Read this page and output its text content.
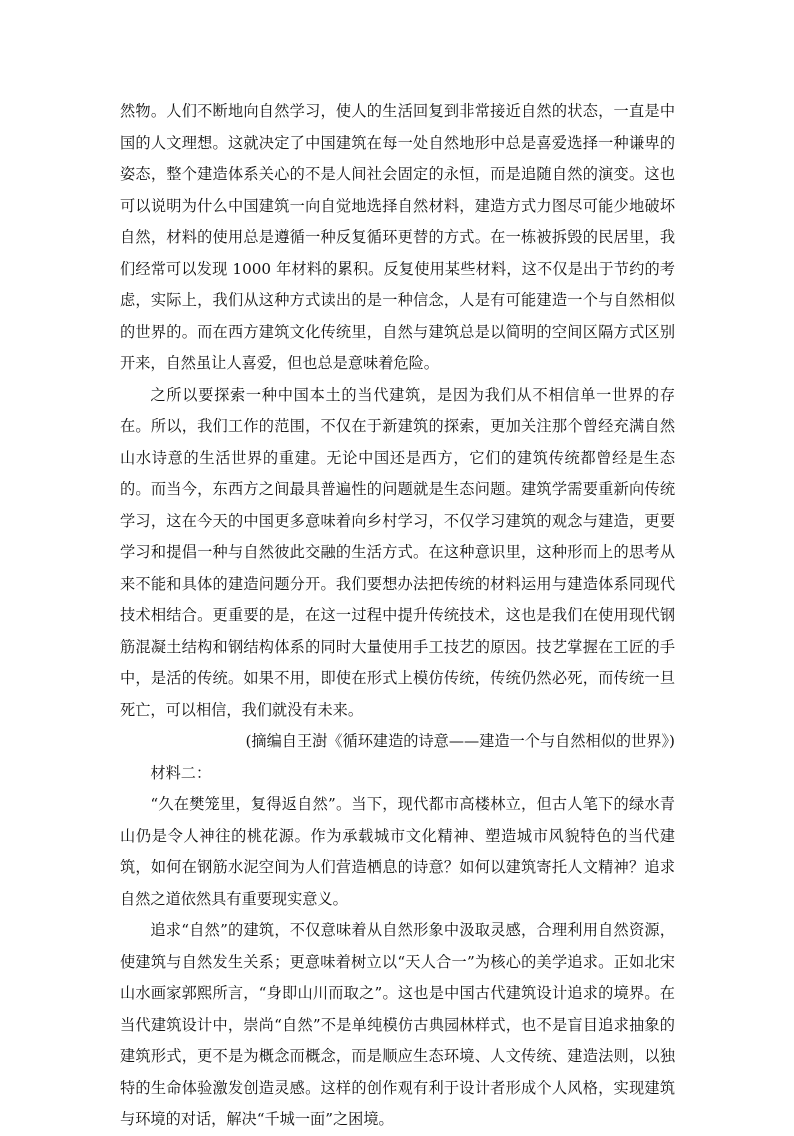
然物。人们不断地向自然学习，使人的生活回复到非常接近自然的状态，一直是中国的人文理想。这就决定了中国建筑在每一处自然地形中总是喜爱选择一种谦卑的姿态，整个建造体系关心的不是人间社会固定的永恒，而是追随自然的演变。这也可以说明为什么中国建筑一向自觉地选择自然材料，建造方式力图尽可能少地破坏自然，材料的使用总是遵循一种反复循环更替的方式。在一栋被拆毁的民居里，我们经常可以发现 1000 年材料的累积。反复使用某些材料，这不仅是出于节约的考虑，实际上，我们从这种方式读出的是一种信念，人是有可能建造一个与自然相似的世界的。而在西方建筑文化传统里，自然与建筑总是以简明的空间区隔方式区别开来，自然虽让人喜爱，但也总是意味着危险。

之所以要探索一种中国本土的当代建筑，是因为我们从不相信单一世界的存在。所以，我们工作的范围，不仅在于新建筑的探索，更加关注那个曾经充满自然山水诗意的生活世界的重建。无论中国还是西方，它们的建筑传统都曾经是生态的。而当今，东西方之间最具普遍性的问题就是生态问题。建筑学需要重新向传统学习，这在今天的中国更多意味着向乡村学习，不仅学习建筑的观念与建造，更要学习和提倡一种与自然彼此交融的生活方式。在这种意识里，这种形而上的思考从来不能和具体的建造问题分开。我们要想办法把传统的材料运用与建造体系同现代技术相结合。更重要的是，在这一过程中提升传统技术，这也是我们在使用现代钢筋混凝土结构和钢结构体系的同时大量使用手工技艺的原因。技艺掌握在工匠的手中，是活的传统。如果不用，即使在形式上模仿传统，传统仍然必死，而传统一旦死亡，可以相信，我们就没有未来。

(摘编自王澍《循环建造的诗意——建造一个与自然相似的世界》)

材料二：

“久在樊笼里，复得返自然”。当下，现代都市高楼林立，但古人笔下的绿水青山仍是令人神往的桃花源。作为承载城市文化精神、塑造城市风貌特色的当代建筑，如何在钢筋水泥空间为人们营造栖息的诗意？如何以建筑寄托人文精神？追求自然之道依然具有重要现实意义。

追求“自然”的建筑，不仅意味着从自然形象中汲取灵感，合理利用自然资源，使建筑与自然发生关系；更意味着树立以“天人合一”为核心的美学追求。正如北宋山水画家郭熙所言，“身即山川而取之”。这也是中国古代建筑设计追求的境界。在当代建筑设计中，崇尚“自然”不是单纯模仿古典园林样式，也不是盲目追求抽象的建筑形式，更不是为概念而概念，而是顺应生态环境、人文传统、建造法则，以独特的生命体验激发创造灵感。这样的创作观有利于设计者形成个人风格，实现建筑与环境的对话，解决“千城一面”之困境。
